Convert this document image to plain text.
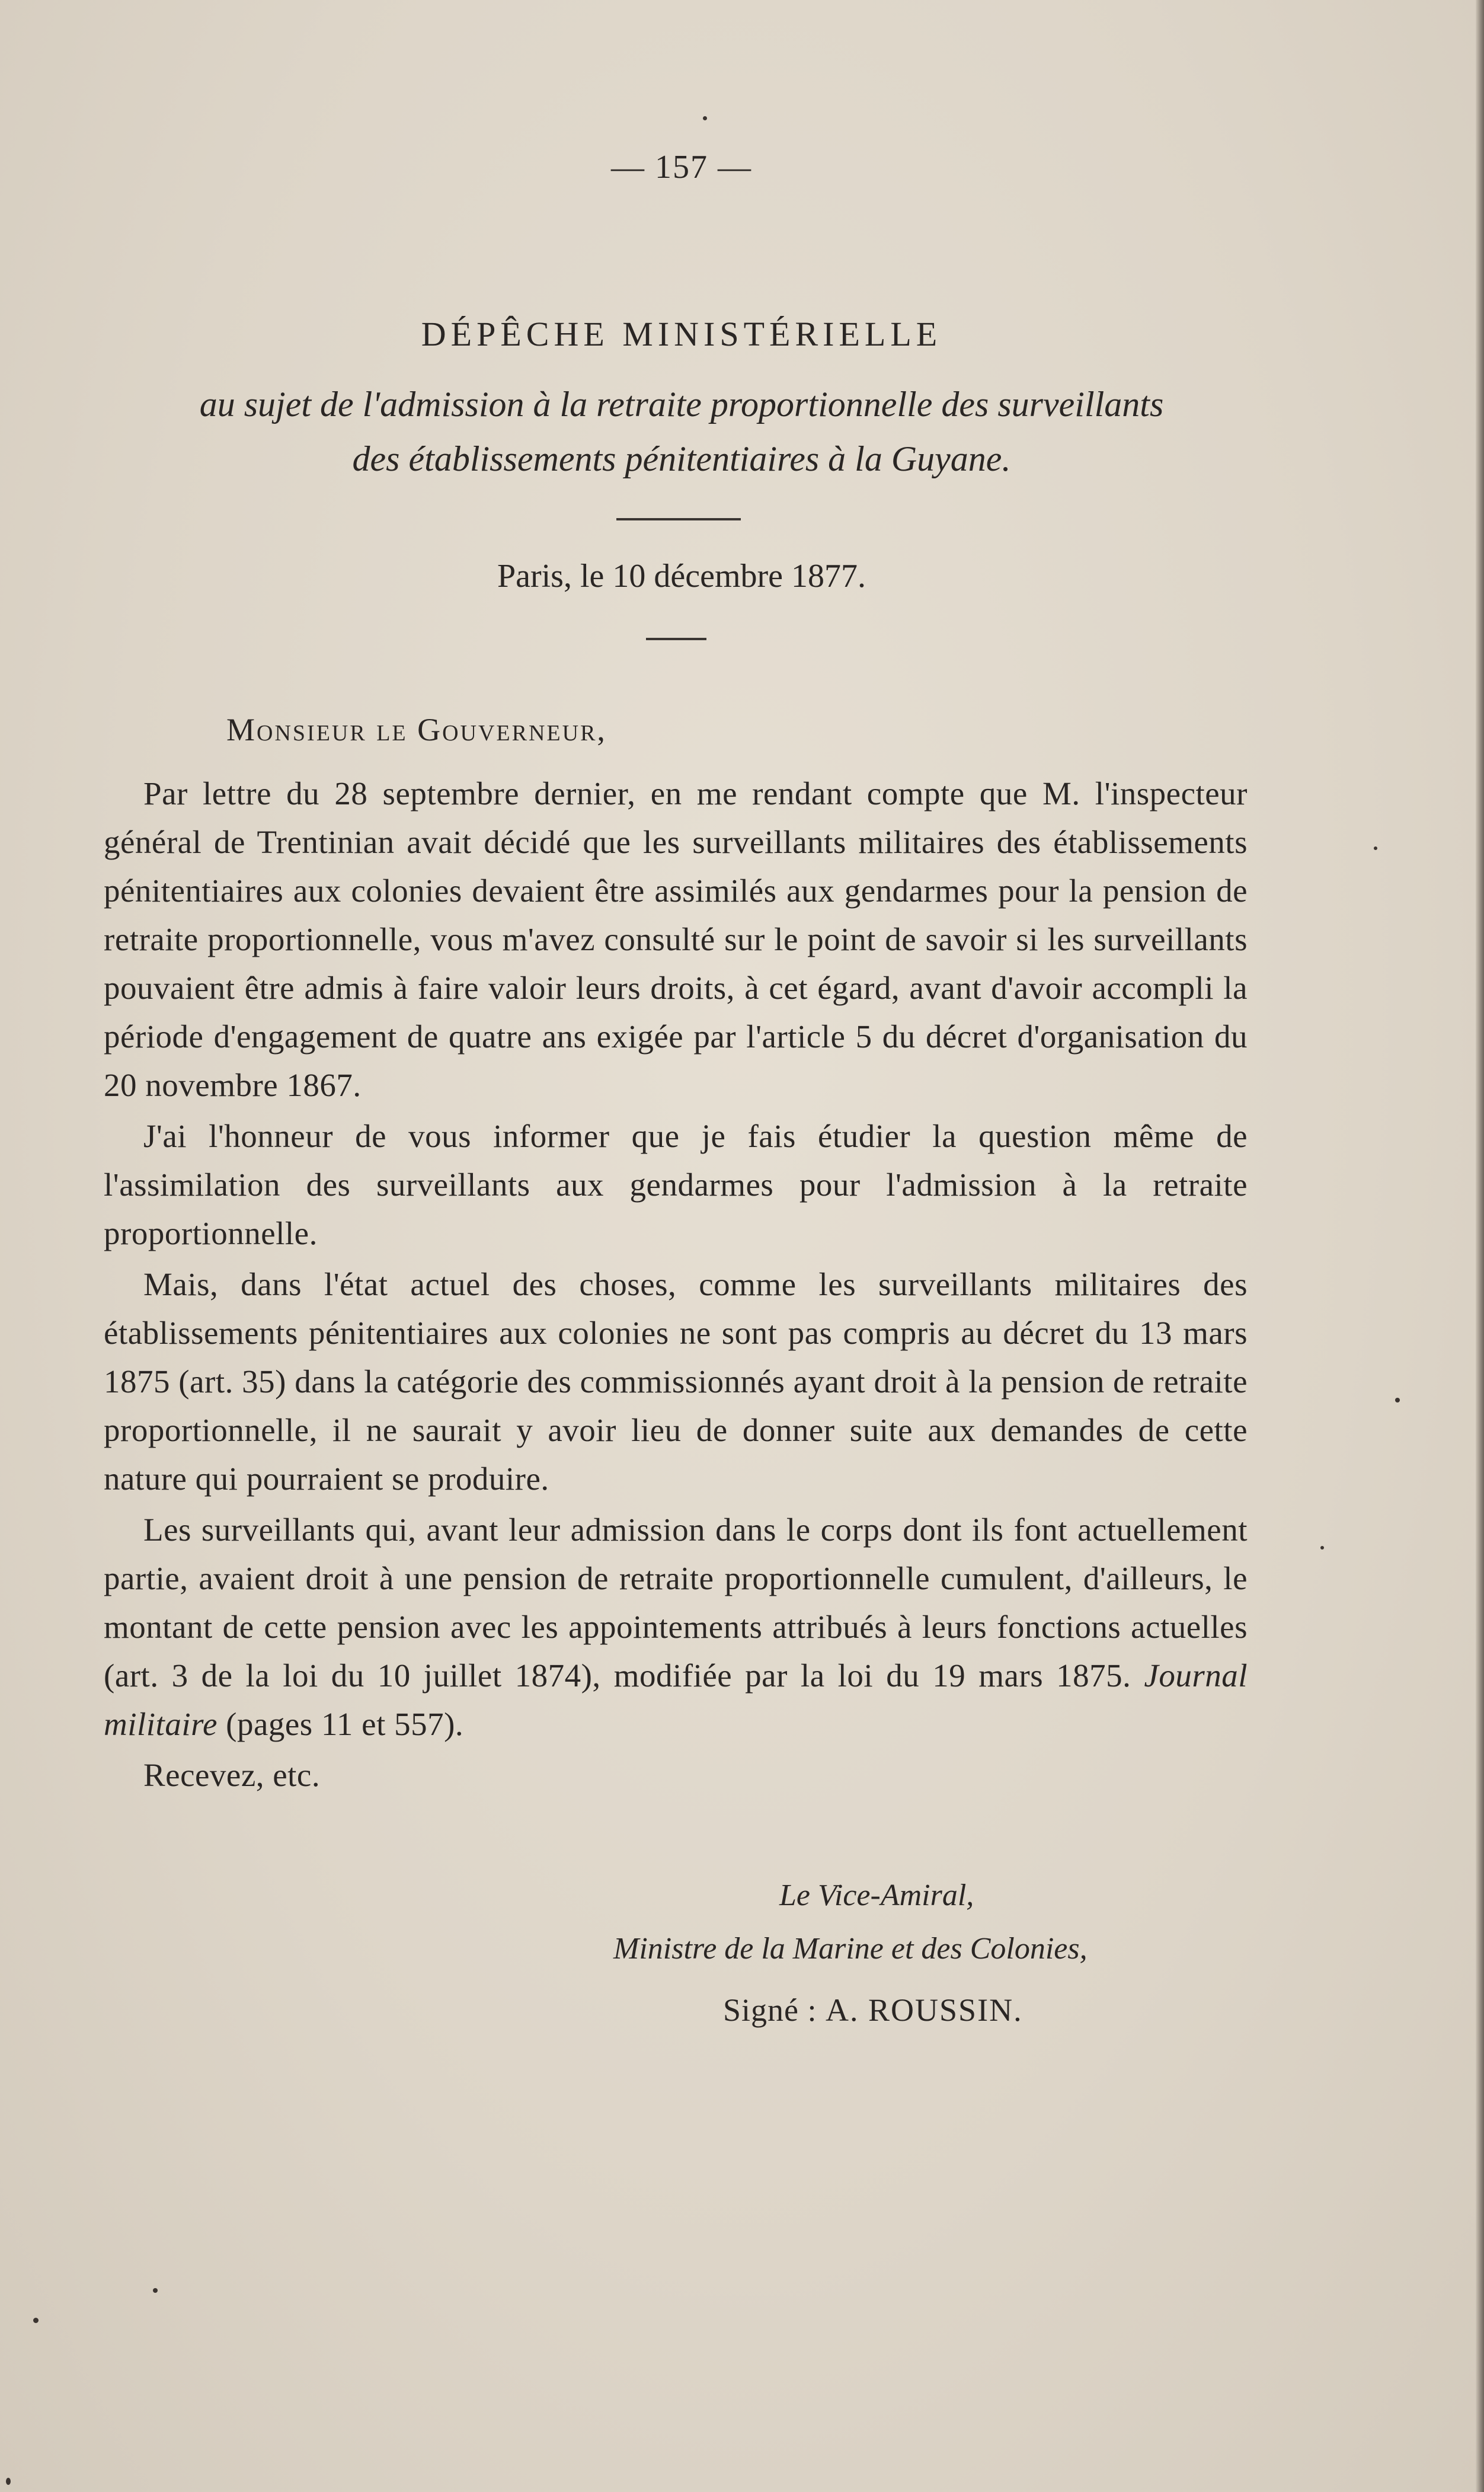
— 157 —
DÉPÊCHE MINISTÉRIELLE
au sujet de l'admission à la retraite proportionnelle des surveillants
des établissements pénitentiaires à la Guyane.
Paris, le 10 décembre 1877.
Monsieur le Gouverneur,

Par lettre du 28 septembre dernier, en me rendant compte que M. l'inspecteur général de Trentinian avait décidé que les surveillants militaires des établissements pénitentiaires aux colonies devaient être assimilés aux gendarmes pour la pension de retraite proportionnelle, vous m'avez consulté sur le point de savoir si les surveillants pouvaient être admis à faire valoir leurs droits, à cet égard, avant d'avoir accompli la période d'engagement de quatre ans exigée par l'article 5 du décret d'organisation du 20 novembre 1867.

J'ai l'honneur de vous informer que je fais étudier la question même de l'assimilation des surveillants aux gendarmes pour l'admission à la retraite proportionnelle.

Mais, dans l'état actuel des choses, comme les surveillants militaires des établissements pénitentiaires aux colonies ne sont pas compris au décret du 13 mars 1875 (art. 35) dans la catégorie des commissionnés ayant droit à la pension de retraite proportionnelle, il ne saurait y avoir lieu de donner suite aux demandes de cette nature qui pourraient se produire.

Les surveillants qui, avant leur admission dans le corps dont ils font actuellement partie, avaient droit à une pension de retraite proportionnelle cumulent, d'ailleurs, le montant de cette pension avec les appointements attribués à leurs fonctions actuelles (art. 3 de la loi du 10 juillet 1874), modifiée par la loi du 19 mars 1875. Journal militaire (pages 11 et 557).

Recevez, etc.

Le Vice-Amiral,
Ministre de la Marine et des Colonies,
Signé : A. ROUSSIN.
